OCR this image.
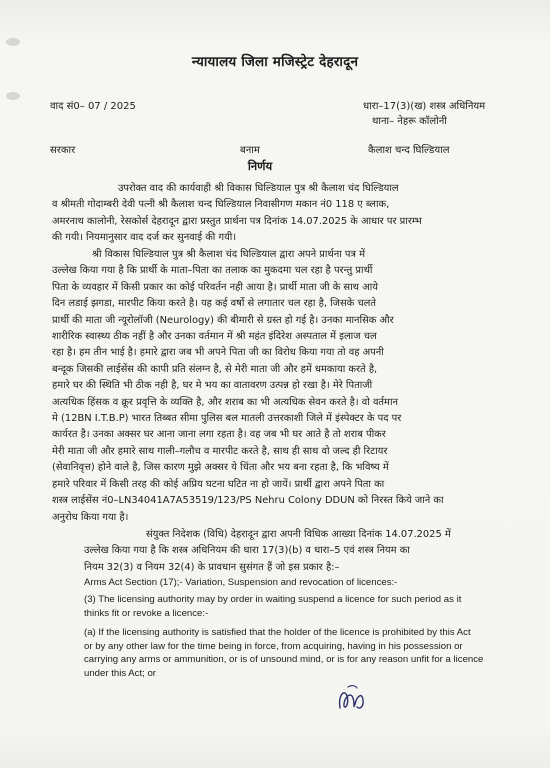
न्यायालय जिला मजिस्ट्रेट देहरादून
वाद सं0– 07 / 2025	धारा–17(3)(ख) शस्त्र अधिनियम
थाना– नेहरू कॉलोनी
सरकार	बनाम	कैलाश चन्द घिल्डियाल
निर्णय
उपरोक्त वाद की कार्यवाही श्री विकास घिल्डियाल पुत्र श्री कैलाश चंद घिल्डियाल
व श्रीमती गोदाम्बरी देवी पत्नी श्री कैलाश चन्द घिल्डियाल निवासीगण मकान नं0 118 ए ब्लाक,
अमरनाथ कालोनी, रेसकोर्स देहरादून द्वारा प्रस्तुत प्रार्थना पत्र दिनांक 14.07.2025 के आधार पर प्रारम्भ
की गयी। नियमानुसार वाद दर्ज कर सुनवाई की गयी।
श्री विकास घिल्डियाल पुत्र श्री कैलाश चंद घिल्डियाल द्वारा अपने प्रार्थना पत्र में
उल्लेख किया गया है कि प्रार्थी के माता–पिता का तलाक का मुकदमा चल रहा है परन्तु प्रार्थी
पिता के व्यवहार में किसी प्रकार का कोई परिवर्तन नही आया है। प्रार्थी माता जी के साथ आये
दिन लडाई झगडा, मारपीट किया करते है। यह कई वर्षो से लगातार चल रहा है, जिसके चलते
प्रार्थी की माता जी न्यूरोलॉजी (Neurology) की बीमारी से ग्रस्त हो गई है। उनका मानसिक और
शारीरिक स्वास्थ्य ठीक नहीं है और उनका वर्तमान में श्री महंत इंदिरेश अस्पताल में इलाज चल
रहा है। हम तीन भाई है। हमारे द्वारा जब भी अपने पिता जी का विरोध किया गया तो वह अपनी
बन्दूक जिसकी लाईसेंस की कापी प्रति संलग्न है, से मेरी माता जी और हमें धमकाया करते है,
हमारे घर की स्थिति भी ठीक नही है, घर मे भय का वातावरण उत्पन्न हो रखा है। मेरे पिताजी
अत्यधिक हिंसक व क्रूर प्रवृत्ति के व्यक्ति है, और शराब का भी अत्यधिक सेवन करते है। वो वर्तमान
मे (12BN I.T.B.P) भारत तिब्बत सीमा पुलिस बल मातली उत्तरकाशी जिले में इंस्पेक्टर के पद पर
कार्यरत है। उनका अक्सर घर आना जाना लगा रहता है। वह जब भी घर आते है तो शराब पीकर
मेरी माता जी और हमारे साथ गाली–गलौच व मारपीट करते है, साथ ही साथ वो जल्द ही रिटायर
(सेवानिवृत्त) होने वाले है, जिस कारण मुझे अक्सर ये चिंता और भय बना रहता है, कि भविष्य में
हमारे परिवार में किसी तरह की कोई अप्रिय घटना घटित ना हो जायें। प्रार्थी द्वारा अपने पिता का
शस्त्र लाईसेंस नं0–LN34041A7A53519/123/PS Nehru Colony DDUN को निरस्त किये जाने का
अनुरोध किया गया है।
संयुक्त निदेशक (विधि) देहरादून द्वारा अपनी विधिक आख्या दिनांक 14.07.2025 में
उल्लेख किया गया है कि शस्त्र अधिनियम की धारा 17(3)(b) व धारा–5 एवं शस्त्र नियम का
नियम 32(3) व नियम 32(4) के प्रावधान सुसंगत हैं जो इस प्रकार है:–
Arms Act Section (17);- Variation, Suspension and revocation of licences:-
(3) The licensing authority may by order in waiting suspend a licence for such period as it
thinks fit or revoke a licence:-
(a) If the licensing authority is satisfied that the holder of the licence is prohibited by this Act
or by any other law for the time being in force, from acquiring, having in his possession or
carrying any arms or ammunition, or is of unsound mind, or is for any reason unfit for a licence
under this Act; or
